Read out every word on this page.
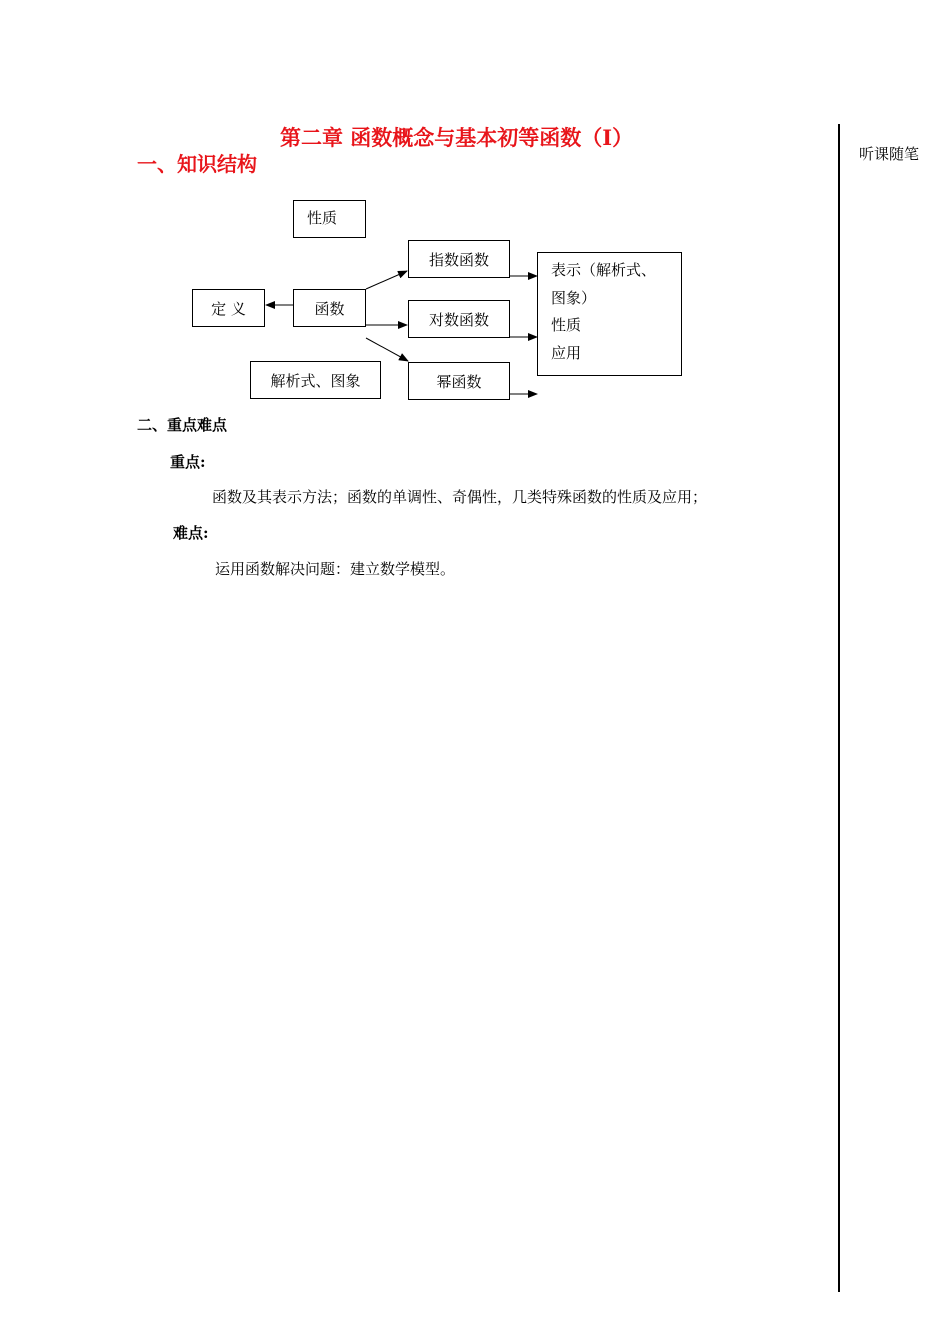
第二章 函数概念与基本初等函数（Ⅰ）
一、知识结构	听课随笔
性质
定 义	函数
指数函数
对数函数
幂函数
解析式、图象
表示（解析式、
图象）
性质
应用
二、重点难点
重点:
函数及其表示方法；函数的单调性、奇偶性，几类特殊函数的性质及应用；
难点:
运用函数解决问题：建立数学模型。
